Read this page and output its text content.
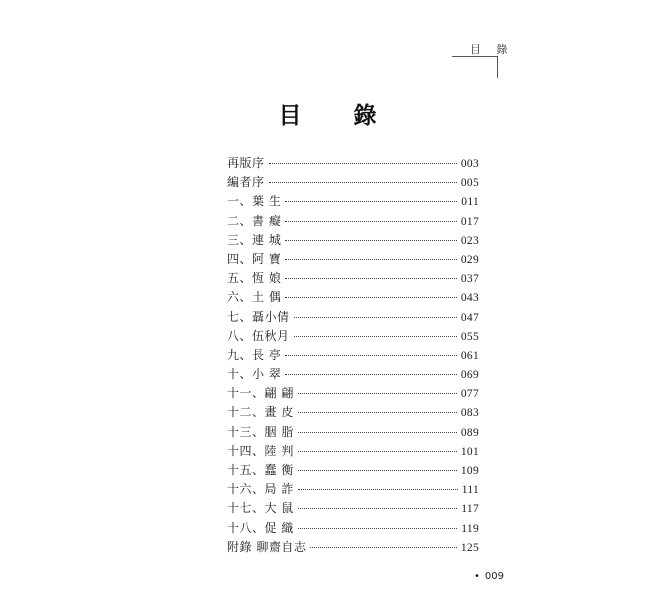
目 錄
目 錄
再版序	003
編者序	005
一、葉 生	011
二、書 癡	017
三、連 城	023
四、阿 寶	029
五、恆 娘	037
六、土 偶	043
七、聶小倩	047
八、伍秋月	055
九、長 亭	061
十、小 翠	069
十一、翩 翩	077
十二、畫 皮	083
十三、胭 脂	089
十四、陸 判	101
十五、蠢 衡	109
十六、局 詐	111
十七、大 鼠	117
十八、促 織	119
附錄 聊齋自志	125
• 009
